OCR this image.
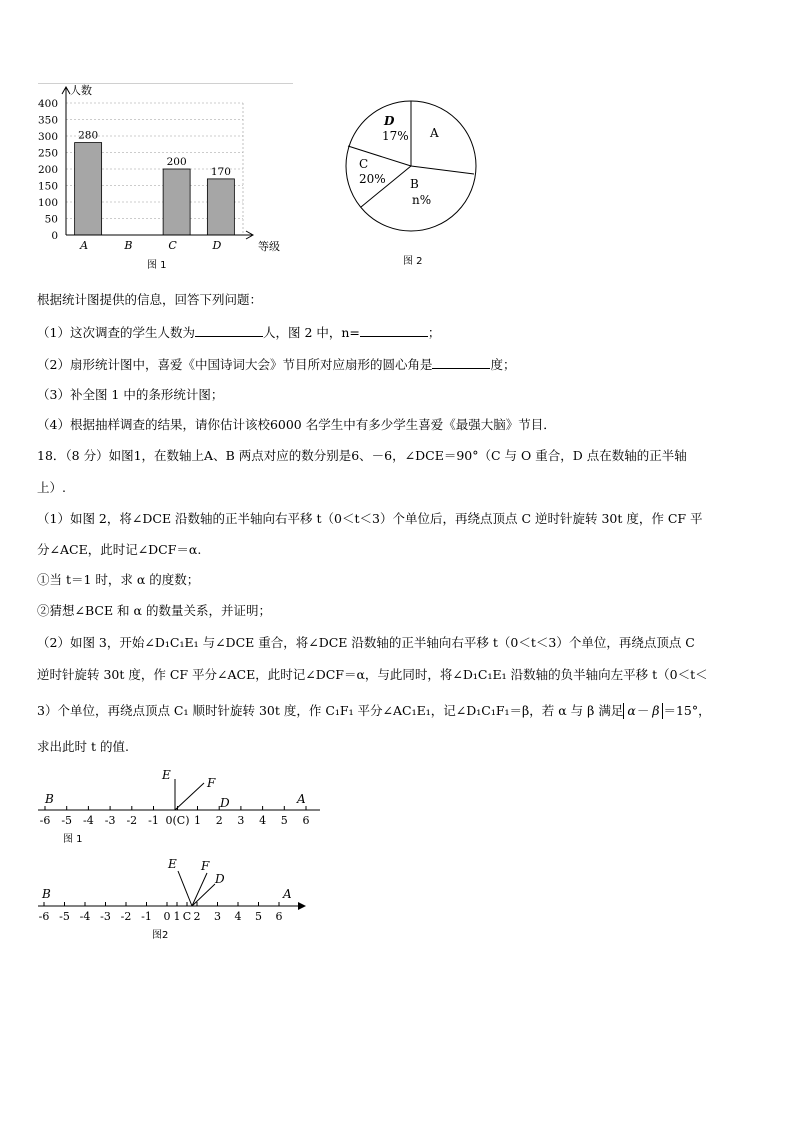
0
50
100
150
200
250
300
350
400
280
200
170
A	B	C	D
人数
等级
图 1
A
B
n%
C
20%
D
17%
图 2
根据统计图提供的信息，回答下列问题：
（1）这次调查的学生人数为	人，图 2 中，n=	；
（2）扇形统计图中，喜爱《中国诗词大会》节目所对应扇形的圆心角是	度；
（3）补全图 1 中的条形统计图；
（4）根据抽样调查的结果，请你估计该校6000 名学生中有多少学生喜爱《最强大脑》节目．
18．（8 分）如图1，在数轴上A、B 两点对应的数分别是6、－6，∠DCE＝90°（C 与 O 重合，D 点在数轴的正半轴
上）.
（1）如图 2，将∠DCE 沿数轴的正半轴向右平移 t（0＜t＜3）个单位后，再绕点顶点 C 逆时针旋转 30t 度，作 CF 平
分∠ACE，此时记∠DCF＝α.
①当 t＝1 时，求 α 的度数；
②猜想∠BCE 和 α 的数量关系，并证明；
（2）如图 3，开始∠D₁C₁E₁ 与∠DCE 重合，将∠DCE 沿数轴的正半轴向右平移 t（0＜t＜3）个单位，再绕点顶点 C
逆时针旋转 30t 度，作 CF 平分∠ACE，此时记∠DCF＝α，与此同时，将∠D₁C₁E₁ 沿数轴的负半轴向左平移 t（0＜t＜
3）个单位，再绕点顶点 C₁ 顺时针旋转 30t 度，作 C₁F₁ 平分∠AC₁E₁，记∠D₁C₁F₁＝β，若 α 与 β 满足 α－ β ＝15°，
求出此时 t 的值.
-6 -5 -4 -3 -2 -1 0(C) 1 2 3 4 5 6
B	A
E
F
D
图 1
-6 -5 -4 -3 -2 -1 0 1 C 2 3 4 5 6
B	A
E F
D
图2
